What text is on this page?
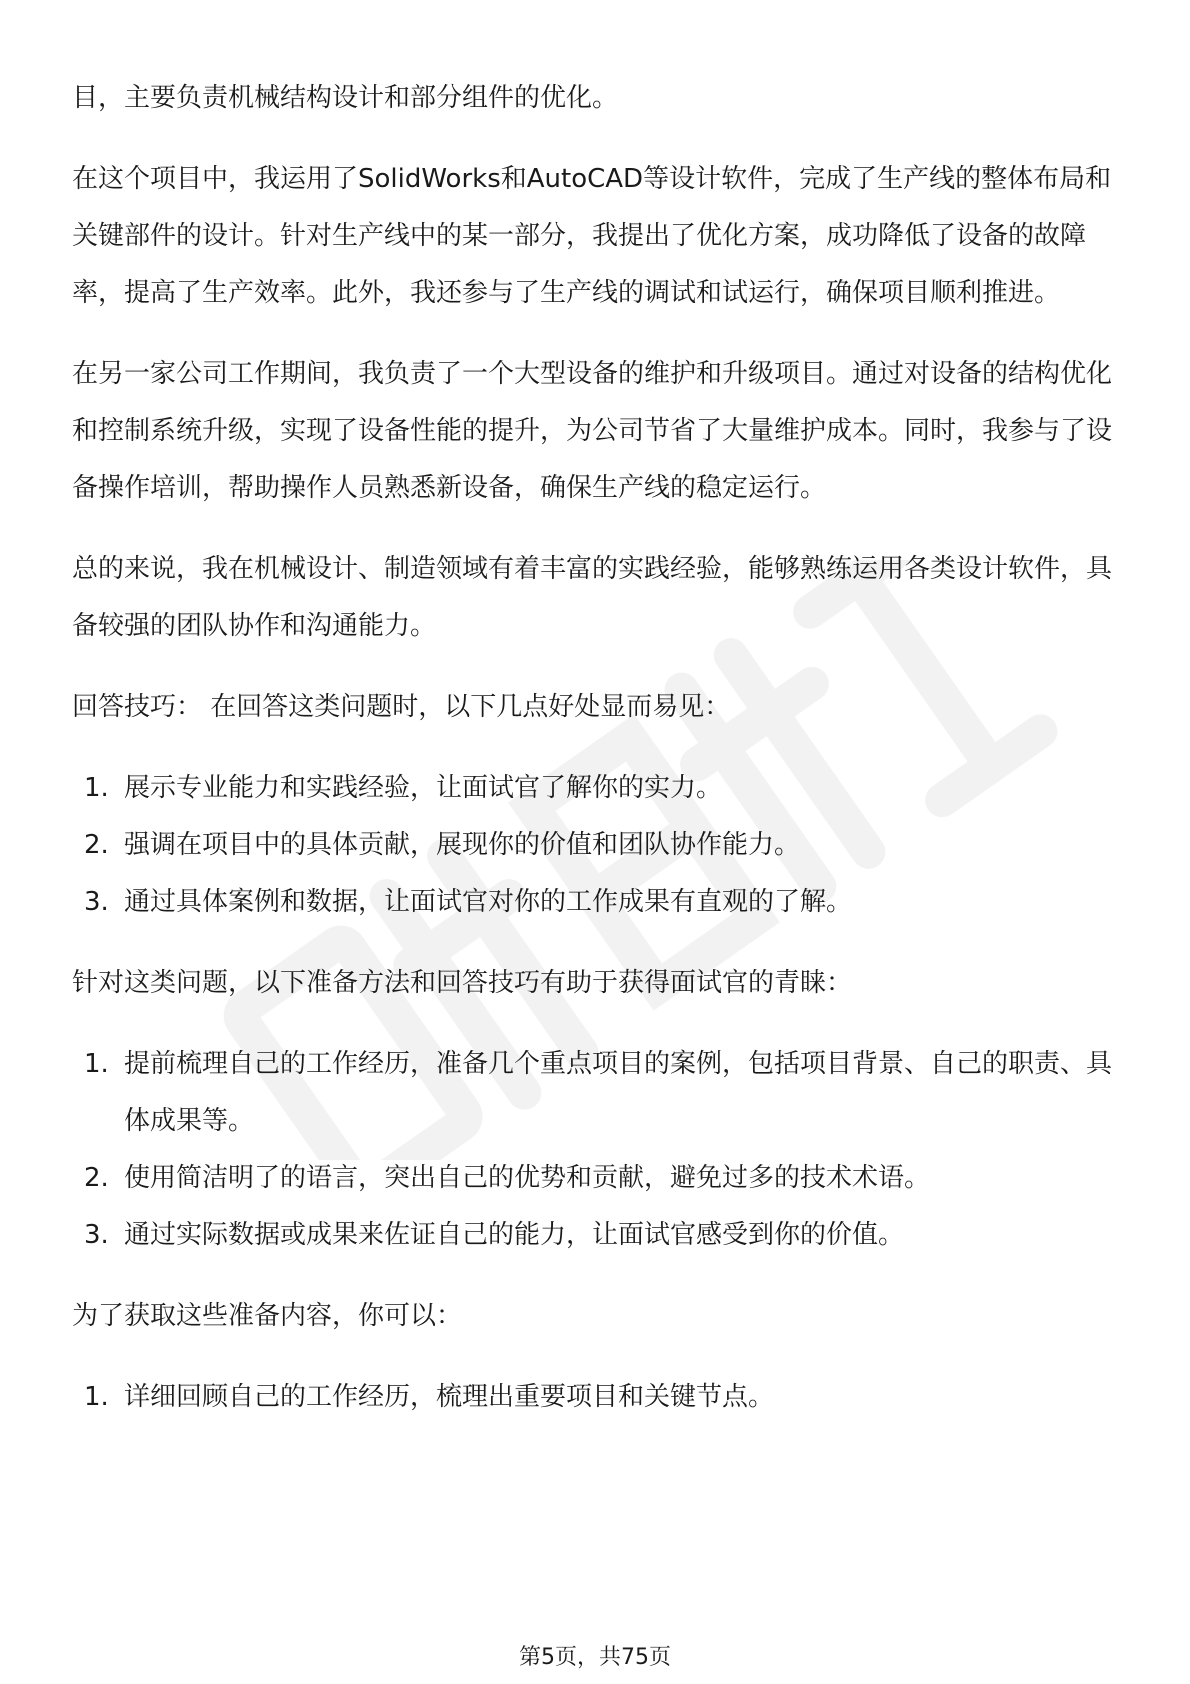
目，主要负责机械结构设计和部分组件的优化。

在这个项目中，我运用了SolidWorks和AutoCAD等设计软件，完成了生产线的整体布局和关键部件的设计。针对生产线中的某一部分，我提出了优化方案，成功降低了设备的故障率，提高了生产效率。此外，我还参与了生产线的调试和试运行，确保项目顺利推进。

在另一家公司工作期间，我负责了一个大型设备的维护和升级项目。通过对设备的结构优化和控制系统升级，实现了设备性能的提升，为公司节省了大量维护成本。同时，我参与了设备操作培训，帮助操作人员熟悉新设备，确保生产线的稳定运行。

总的来说，我在机械设计、制造领域有着丰富的实践经验，能够熟练运用各类设计软件，具备较强的团队协作和沟通能力。

回答技巧： 在回答这类问题时，以下几点好处显而易见：

1. 展示专业能力和实践经验，让面试官了解你的实力。
2. 强调在项目中的具体贡献，展现你的价值和团队协作能力。
3. 通过具体案例和数据，让面试官对你的工作成果有直观的了解。

针对这类问题，以下准备方法和回答技巧有助于获得面试官的青睐：

1. 提前梳理自己的工作经历，准备几个重点项目的案例，包括项目背景、自己的职责、具体成果等。
2. 使用简洁明了的语言，突出自己的优势和贡献，避免过多的技术术语。
3. 通过实际数据或成果来佐证自己的能力，让面试官感受到你的价值。

为了获取这些准备内容，你可以：

1. 详细回顾自己的工作经历，梳理出重要项目和关键节点。
第5页，共75页
